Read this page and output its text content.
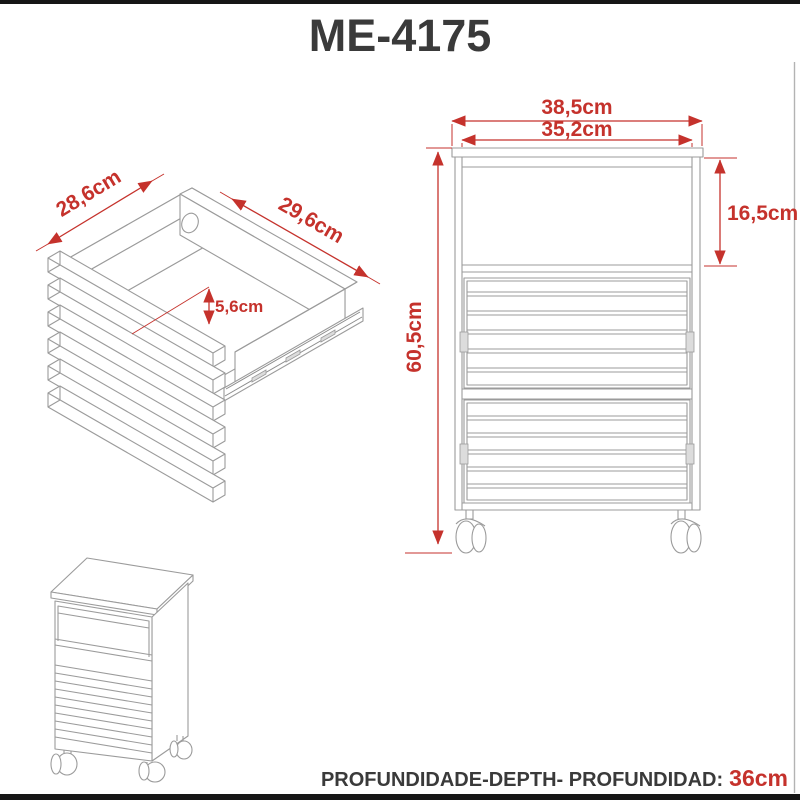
ME-4175
28,6cm	29,6cm
5,6cm
38,5cm
35,2cm
16,5cm
60,5cm
PROFUNDIDADE-DEPTH- PROFUNDIDAD: 36cm
